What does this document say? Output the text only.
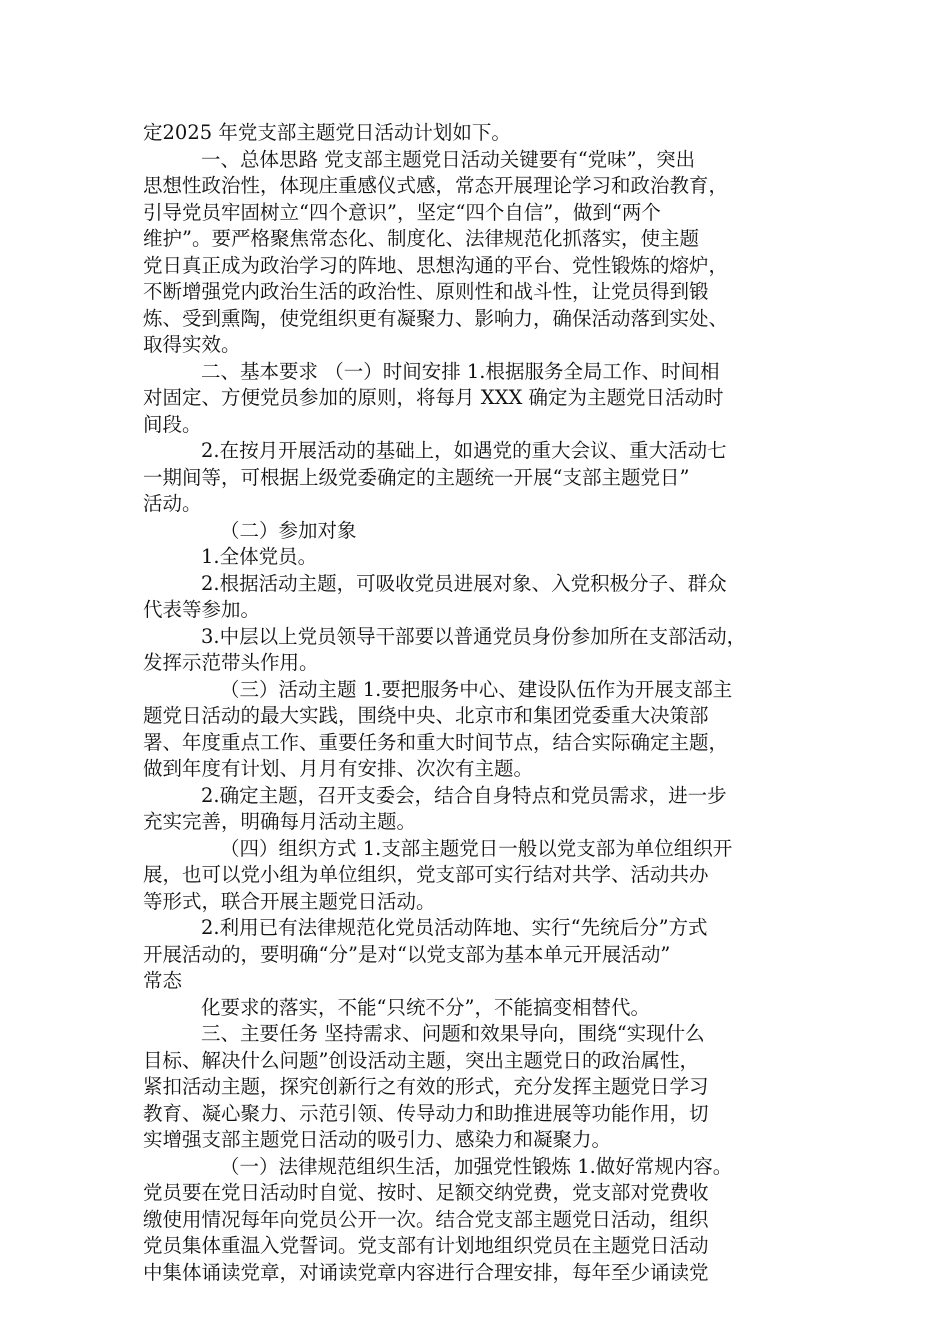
定2025 年党支部主题党日活动计划如下。

一、总体思路 党支部主题党日活动关键要有“党味”，突出

思想性政治性，体现庄重感仪式感，常态开展理论学习和政治教育，

引导党员牢固树立“四个意识”，坚定“四个自信”，做到“两个

维护”。要严格聚焦常态化、制度化、法律规范化抓落实，使主题

党日真正成为政治学习的阵地、思想沟通的平台、党性锻炼的熔炉，

不断增强党内政治生活的政治性、原则性和战斗性，让党员得到锻

炼、受到熏陶，使党组织更有凝聚力、影响力，确保活动落到实处、

取得实效。

二、基本要求 （一）时间安排 1.根据服务全局工作、时间相

对固定、方便党员参加的原则，将每月 XXX 确定为主题党日活动时

间段。

2.在按月开展活动的基础上，如遇党的重大会议、重大活动七

一期间等，可根据上级党委确定的主题统一开展“支部主题党日”

活动。

（二）参加对象

1.全体党员。

2.根据活动主题，可吸收党员进展对象、入党积极分子、群众

代表等参加。

3.中层以上党员领导干部要以普通党员身份参加所在支部活动，

发挥示范带头作用。

（三）活动主题 1.要把服务中心、建设队伍作为开展支部主

题党日活动的最大实践，围绕中央、北京市和集团党委重大决策部

署、年度重点工作、重要任务和重大时间节点，结合实际确定主题，

做到年度有计划、月月有安排、次次有主题。

2.确定主题，召开支委会，结合自身特点和党员需求，进一步

充实完善，明确每月活动主题。

（四）组织方式 1.支部主题党日一般以党支部为单位组织开

展，也可以党小组为单位组织，党支部可实行结对共学、活动共办

等形式，联合开展主题党日活动。

2.利用已有法律规范化党员活动阵地、实行“先统后分”方式

开展活动的，要明确“分”是对“以党支部为基本单元开展活动”

常态

化要求的落实，不能“只统不分”，不能搞变相替代。

三、主要任务 坚持需求、问题和效果导向，围绕“实现什么

目标、解决什么问题”创设活动主题，突出主题党日的政治属性，

紧扣活动主题，探究创新行之有效的形式，充分发挥主题党日学习

教育、凝心聚力、示范引领、传导动力和助推进展等功能作用，切

实增强支部主题党日活动的吸引力、感染力和凝聚力。

（一）法律规范组织生活，加强党性锻炼 1.做好常规内容。

党员要在党日活动时自觉、按时、足额交纳党费，党支部对党费收

缴使用情况每年向党员公开一次。结合党支部主题党日活动，组织

党员集体重温入党誓词。党支部有计划地组织党员在主题党日活动

中集体诵读党章，对诵读党章内容进行合理安排，每年至少诵读党
